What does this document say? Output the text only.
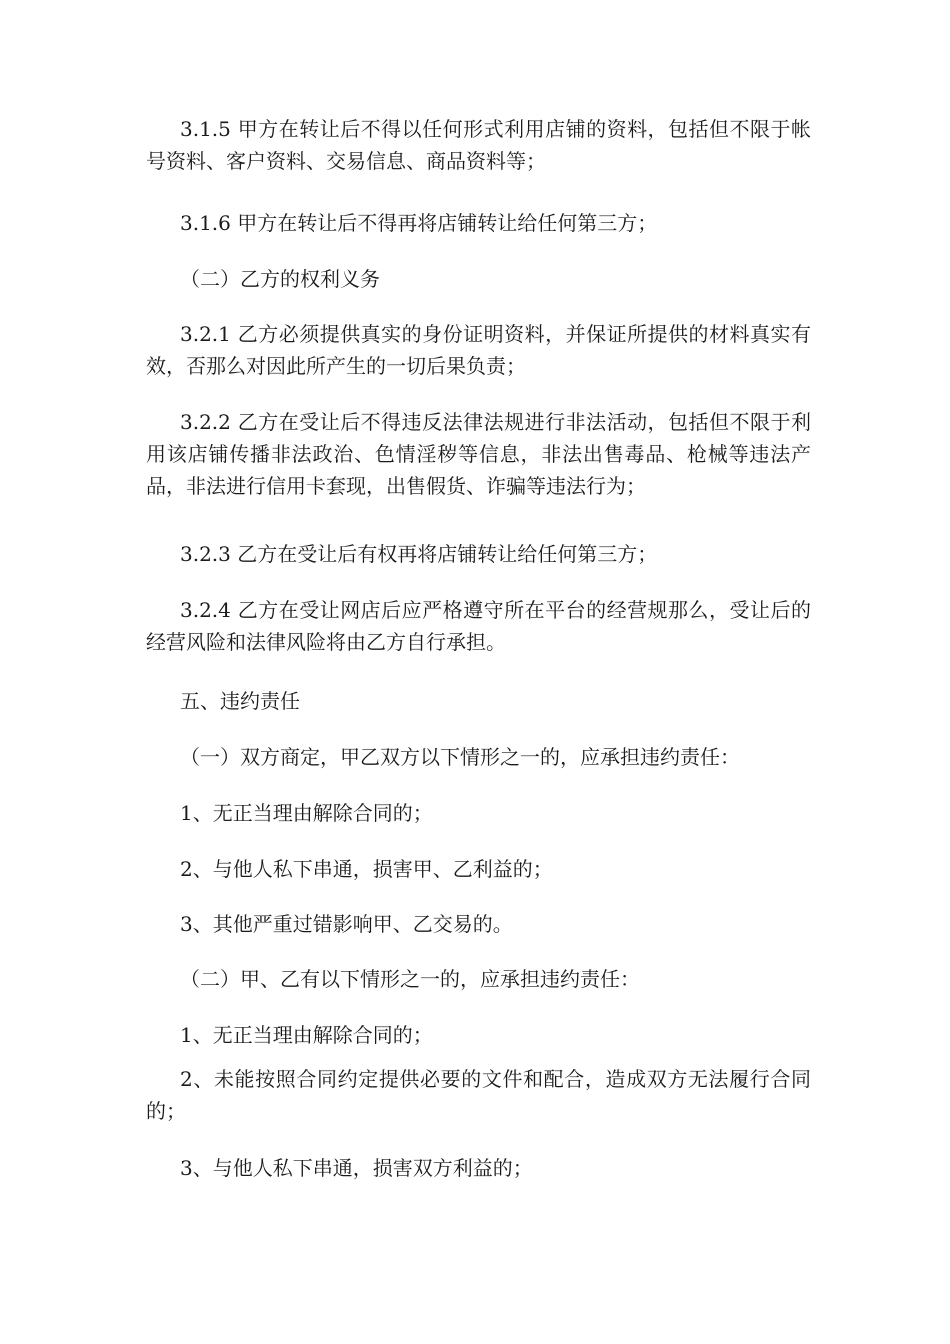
3.1.5 甲方在转让后不得以任何形式利用店铺的资料，包括但不限于帐号资料、客户资料、交易信息、商品资料等；

3.1.6 甲方在转让后不得再将店铺转让给任何第三方；

（二）乙方的权利义务

3.2.1 乙方必须提供真实的身份证明资料，并保证所提供的材料真实有效，否那么对因此所产生的一切后果负责；

3.2.2 乙方在受让后不得违反法律法规进行非法活动，包括但不限于利用该店铺传播非法政治、色情淫秽等信息，非法出售毒品、枪械等违法产品，非法进行信用卡套现，出售假货、诈骗等违法行为；

3.2.3 乙方在受让后有权再将店铺转让给任何第三方；

3.2.4 乙方在受让网店后应严格遵守所在平台的经营规那么，受让后的经营风险和法律风险将由乙方自行承担。

五、违约责任

（一）双方商定，甲乙双方以下情形之一的，应承担违约责任：

1、无正当理由解除合同的；

2、与他人私下串通，损害甲、乙利益的；

3、其他严重过错影响甲、乙交易的。

（二）甲、乙有以下情形之一的，应承担违约责任：

1、无正当理由解除合同的；

2、未能按照合同约定提供必要的文件和配合，造成双方无法履行合同的；

3、与他人私下串通，损害双方利益的；
